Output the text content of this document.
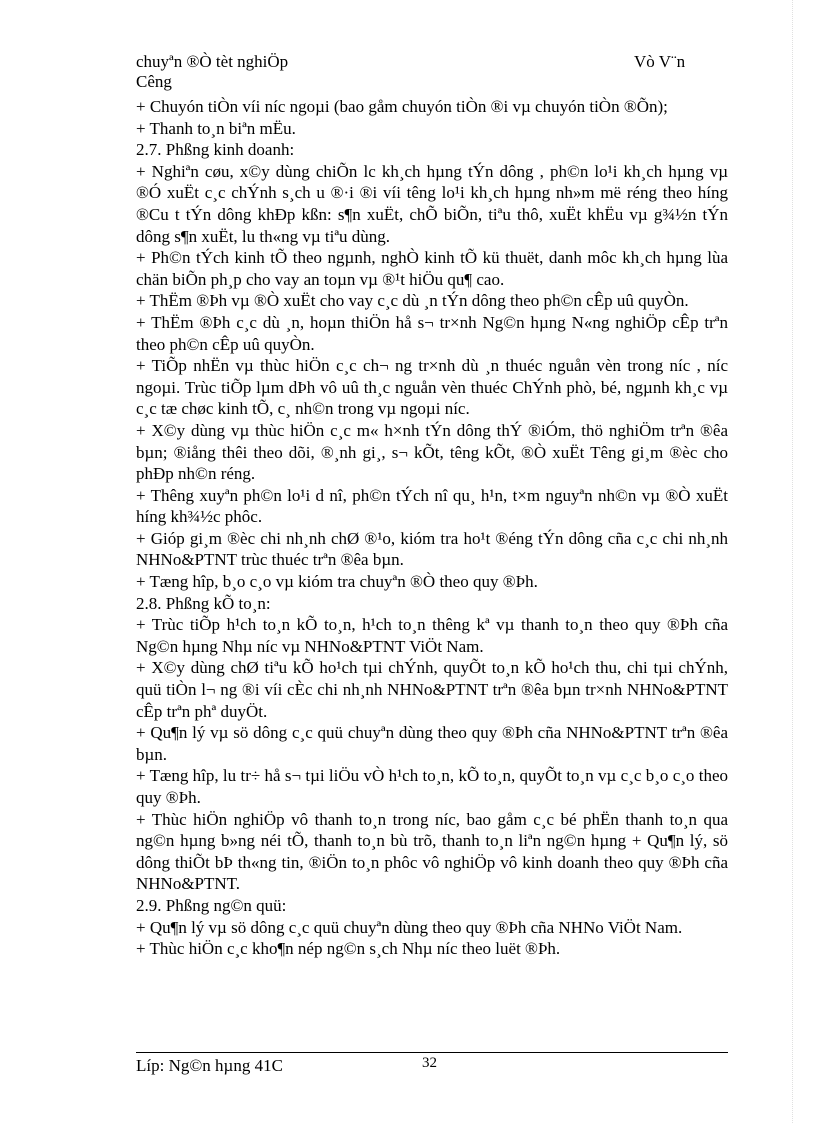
chuyªn ®Ò tèt nghiÖp
Cêng
Vò V¨n

+ Chuyón tiÒn víi níc ngoµi (bao gåm chuyón tiÒn ®i vµ chuyón tiÒn ®Õn);

+ Thanh to¸n biªn mËu.

2.7. Phßng kinh doanh:

+ Nghiªn cøu, x©y dùng chiÕn lc kh¸ch hµng tÝn dông , ph©n lo¹i kh¸ch hµng vµ ®Ó xuËt c¸c chÝnh s¸ch u ®·i ®i víi têng lo¹i kh¸ch hµng nh»m më réng theo híng ®Cu t tÝn dông khÐp kßn: s¶n xuËt, chÕ biÕn, tiªu thô, xuËt khËu vµ g¾½n tÝn dông s¶n xuËt, lu th«ng vµ tiªu dùng.

+ Ph©n tÝch kinh tÕ theo ngµnh, nghÒ kinh tÕ kü thuët, danh môc kh¸ch hµng lùa chän biÕn ph¸p cho vay an toµn vµ ®¹t hiÖu qu¶ cao.

+ ThËm ®Þh vµ ®Ò xuËt cho vay c¸c dù ¸n tÝn dông theo ph©n cÊp uû quyÒn.

+ ThËm ®Þh c¸c dù ¸n, hoµn thiÖn hå s¬ tr×nh Ng©n hµng N«ng nghiÖp cÊp trªn theo ph©n cÊp uû quyÒn.

+ TiÕp nhËn vµ thùc hiÖn c¸c ch¬ ng tr×nh dù ¸n thuéc nguån vèn trong níc , níc ngoµi. Trùc tiÕp lµm dÞh vô uû th¸c nguån vèn thuéc ChÝnh phò, bé, ngµnh kh¸c vµ c¸c tæ chøc kinh tÕ, c¸ nh©n trong vµ ngoµi níc.

+ X©y dùng vµ thùc hiÖn c¸c m« h×nh tÝn dông thÝ ®iÓm, thö nghiÖm trªn ®êa bµn; ®iång thêi theo dõi, ®¸nh gi¸, s¬ kÕt, têng kÕt, ®Ò xuËt Têng gi¸m ®èc cho phÐp nh©n réng.

+ Thêng xuyªn ph©n lo¹i d nî, ph©n tÝch nî qu¸ h¹n, t×m nguyªn nh©n vµ ®Ò xuËt híng kh¾½c phôc.

+ Gióp gi¸m ®èc chi nh¸nh chØ ®¹o, kióm tra ho¹t ®éng tÝn dông cña c¸c chi nh¸nh NHNo&PTNT trùc thuéc trªn ®êa bµn.

+ Tæng hîp, b¸o c¸o vµ kióm tra chuyªn ®Ò theo quy ®Þh.

2.8. Phßng kÕ to¸n:

+ Trùc tiÕp h¹ch to¸n kÕ to¸n, h¹ch to¸n thêng kª vµ thanh to¸n theo quy ®Þh cña Ng©n hµng Nhµ níc vµ NHNo&PTNT ViÖt Nam.

+ X©y dùng chØ tiªu kÕ ho¹ch tµi chÝnh, quyÕt to¸n kÕ ho¹ch thu, chi tµi chÝnh, quü tiÒn l¬ ng ®i víi cÈc chi nh¸nh NHNo&PTNT trªn ®êa bµn tr×nh NHNo&PTNT cÊp trªn phª duyÖt.

+ Qu¶n lý vµ sö dông c¸c quü chuyªn dùng theo quy ®Þh cña NHNo&PTNT trªn ®êa bµn.

+ Tæng hîp, lu tr÷ hå s¬ tµi liÖu vÒ h¹ch to¸n, kÕ to¸n, quyÕt to¸n vµ c¸c b¸o c¸o theo quy ®Þh.

+ Thùc hiÖn nghiÖp vô thanh to¸n trong níc, bao gåm c¸c bé phËn thanh to¸n qua ng©n hµng b»ng néi tÕ, thanh to¸n bù trõ, thanh to¸n liªn ng©n hµng + Qu¶n lý, sö dông thiÕt bÞ th«ng tin, ®iÖn to¸n phôc vô nghiÖp vô kinh doanh theo quy ®Þh cña NHNo&PTNT.

2.9. Phßng ng©n quü:

+ Qu¶n lý vµ sö dông c¸c quü chuyªn dùng theo quy ®Þh cña NHNo ViÖt Nam.

+ Thùc hiÖn c¸c kho¶n nép ng©n s¸ch Nhµ níc theo luët ®Þh.

Líp: Ng©n hµng 41C	32
